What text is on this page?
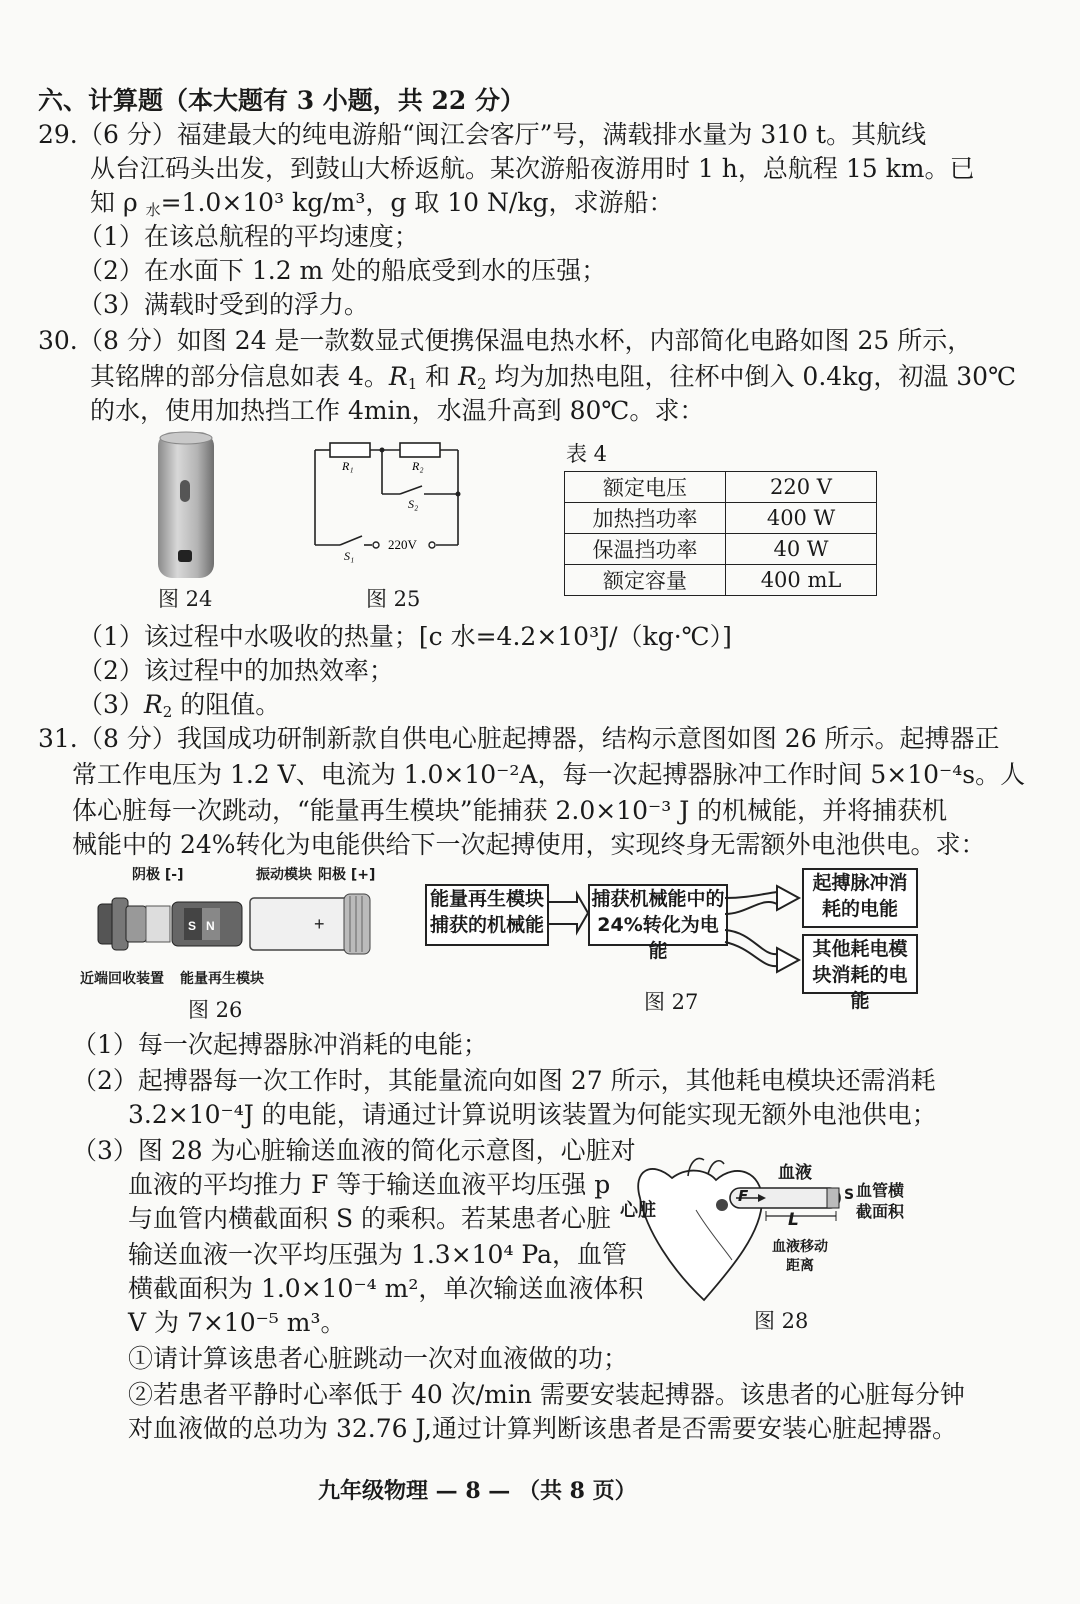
六、计算题（本大题有 3 小题，共 22 分）
29. （6 分）福建最大的纯电游船“闽江会客厅”号，满载排水量为 310 t。其航线
从台江码头出发，到鼓山大桥返航。某次游船夜游用时 1 h，总航程 15 km。已
知 ρ $_水$=1.0×10³ kg/m³，g 取 10 N/kg，求游船：
（1）在该总航程的平均速度；
（2）在水面下 1.2 m 处的船底受到水的压强；
（3）满载时受到的浮力。
30. （8 分）如图 24 是一款数显式便携保温电热水杯，内部简化电路如图 25 所示，
其铭牌的部分信息如表 4。$R_1$ 和 $R_2$ 均为加热电阻，往杯中倒入 0.4kg，初温 30℃
的水，使用加热挡工作 4min，水温升高到 80℃。求：
图 24
R₁	R₂
S₂
S₁
220V
图 25
表 4
额定电压	220 V
加热挡功率	400 W
保温挡功率	40 W
额定容量	400 mL
（1）该过程中水吸收的热量；[c 水=4.2×10³J/（kg·℃）]
（2）该过程中的加热效率；
$(3)R_2$ 的阻值。
31. （8 分）我国成功研制新款自供电心脏起搏器，结构示意图如图 26 所示。起搏器正
常工作电压为 1.2 V、电流为 1.0×10⁻²A，每一次起搏器脉冲工作时间 5×10⁻⁴s。人
体心脏每一次跳动，“能量再生模块”能捕获 2.0×10⁻³ J 的机械能，并将捕获机
械能中的 24%转化为电能供给下一次起搏使用，实现终身无需额外电池供电。求：
阴极 [-]	振动模块 阳极 [+]
S N	+
近端回收装置 能量再生模块
图 26
能量再生模块捕获的机械能
捕获机械能中的24%转化为电能
起搏脉冲消耗的电能
其他耗电模块消耗的电能
图 27
（1）每一次起搏器脉冲消耗的电能；
（2）起搏器每一次工作时，其能量流向如图 27 所示，其他耗电模块还需消耗
3.2×10⁻⁴J 的电能，请通过计算说明该装置为何能实现无额外电池供电；
（3）图 28 为心脏输送血液的简化示意图，心脏对
血液的平均推力 F 等于输送血液平均压强 p
与血管内横截面积 S 的乘积。若某患者心脏
输送血液一次平均压强为 1.3×10⁴ Pa，血管
横截面积为 1.0×10⁻⁴ m²，单次输送血液体积
V 为 7×10⁻⁵ m³。
心脏
血液
F	S 血管横截面积
L
血液移动距离
图 28
①请计算该患者心脏跳动一次对血液做的功；
②若患者平静时心率低于 40 次/min 需要安装起搏器。该患者的心脏每分钟
对血液做的总功为 32.76 J,通过计算判断该患者是否需要安装心脏起搏器。
九年级物理 — 8 — （共 8 页）
